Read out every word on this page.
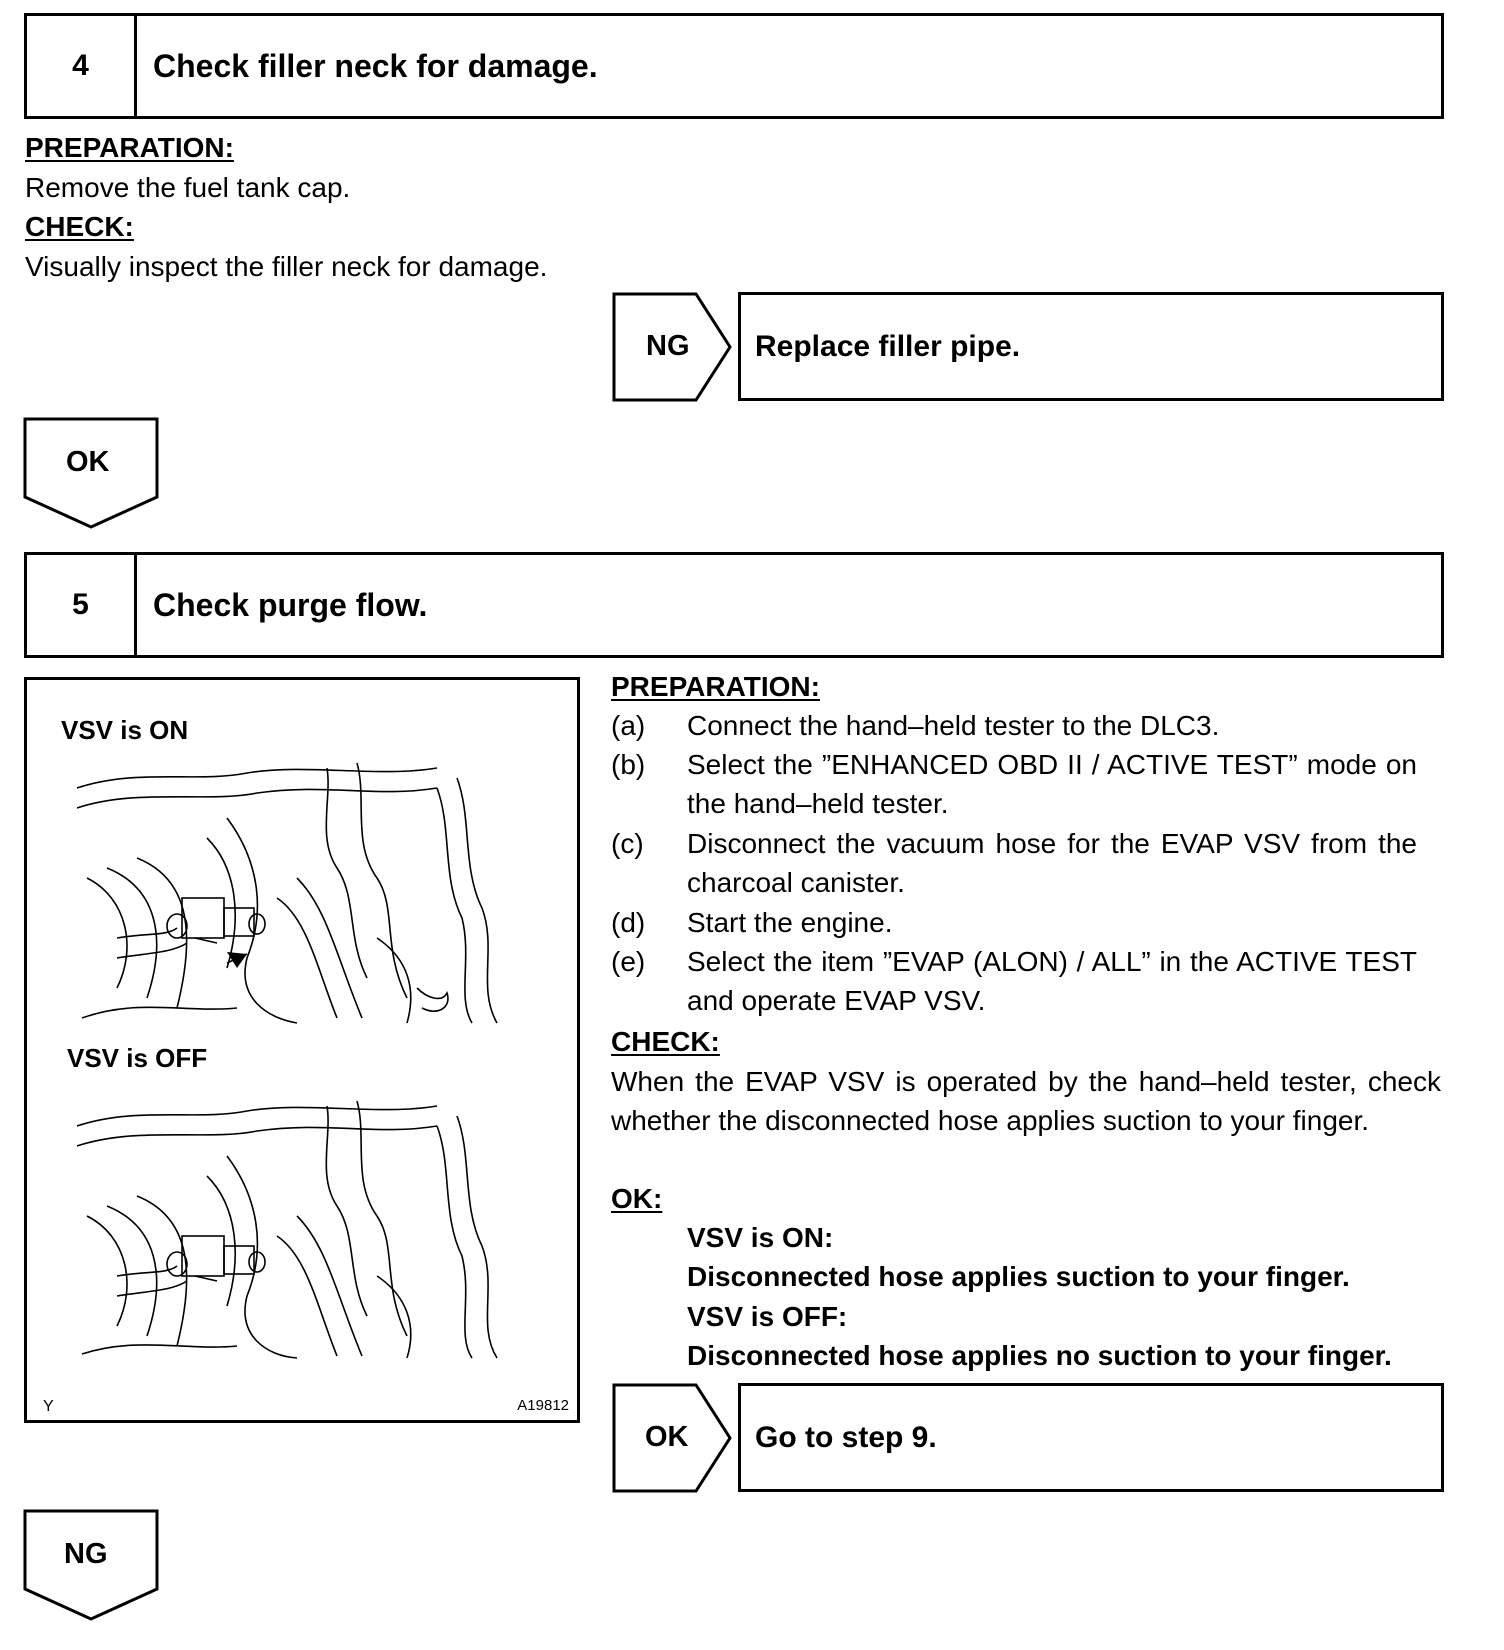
4	Check filler neck for damage.
PREPARATION:
Remove the fuel tank cap.
CHECK:
Visually inspect the filler neck for damage.
NG Replace filler pipe.
OK
5	Check purge flow.
VSV is ON
VSV is OFF
Y	A19812
PREPARATION:
(a) Connect the hand–held tester to the DLC3.
(b) Select the ”ENHANCED OBD II / ACTIVE TEST” mode on the hand–held tester.
(c) Disconnect the vacuum hose for the EVAP VSV from the charcoal canister.
(d) Start the engine.
(e) Select the item ”EVAP (ALON) / ALL” in the ACTIVE TEST and operate EVAP VSV.
CHECK:
When the EVAP VSV is operated by the hand–held tester, check whether the disconnected hose applies suction to your finger.
OK:
VSV is ON:
Disconnected hose applies suction to your finger.
VSV is OFF:
Disconnected hose applies no suction to your finger.
OK Go to step 9.
NG
